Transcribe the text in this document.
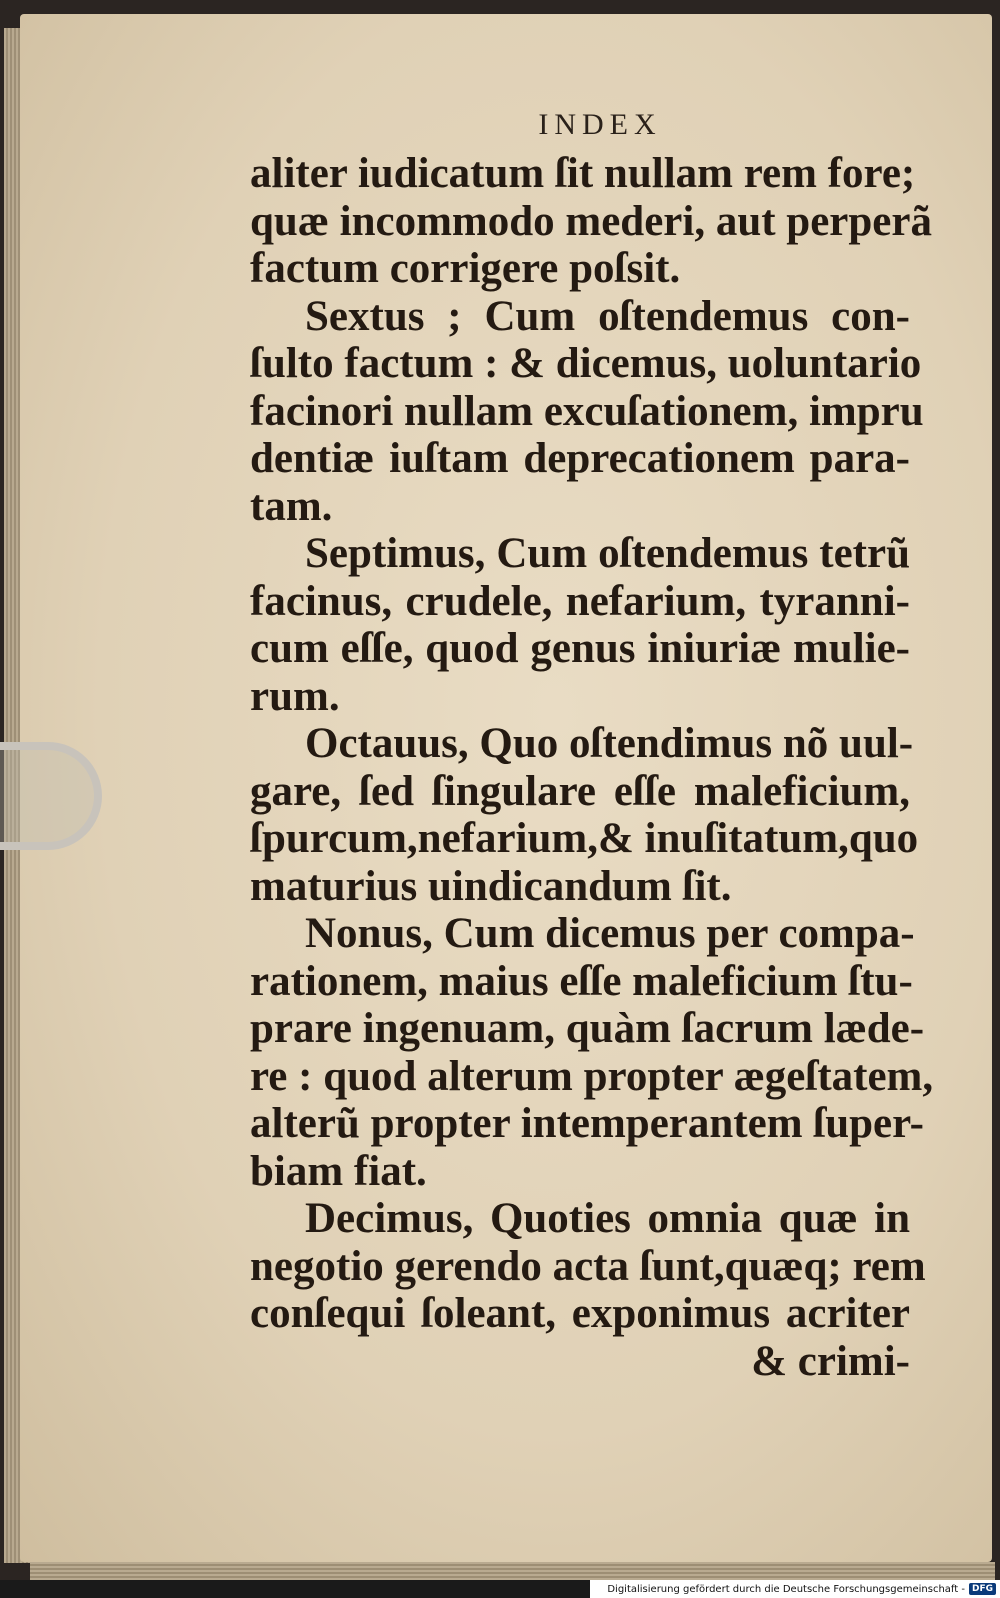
INDEX
aliter iudicatum ſit nullam rem fore;
quæ incommodo mederi, aut perperã
factum corrigere poſsit.
Sextus ; Cum oſtendemus con-
ſulto factum : & dicemus, uoluntario
facinori nullam excuſationem, impru
dentiæ iuſtam deprecationem para-
tam.
Septimus, Cum oſtendemus tetrũ
facinus, crudele, nefarium, tyranni-
cum eſſe, quod genus iniuriæ mulie-
rum.
Octauus, Quo oſtendimus nõ uul-
gare, ſed ſingulare eſſe maleficium,
ſpurcum,nefarium,& inuſitatum,quo
maturius uindicandum ſit.
Nonus, Cum dicemus per compa-
rationem, maius eſſe maleficium ſtu-
prare ingenuam, quàm ſacrum læde-
re : quod alterum propter ægeſtatem,
alterũ propter intemperantem ſuper-
biam fiat.
Decimus, Quoties omnia quæ in
negotio gerendo acta ſunt,quæq; rem
conſequi ſoleant, exponimus acriter
& crimi-
Digitalisierung gefördert durch die Deutsche Forschungsgemeinschaft - DFG
